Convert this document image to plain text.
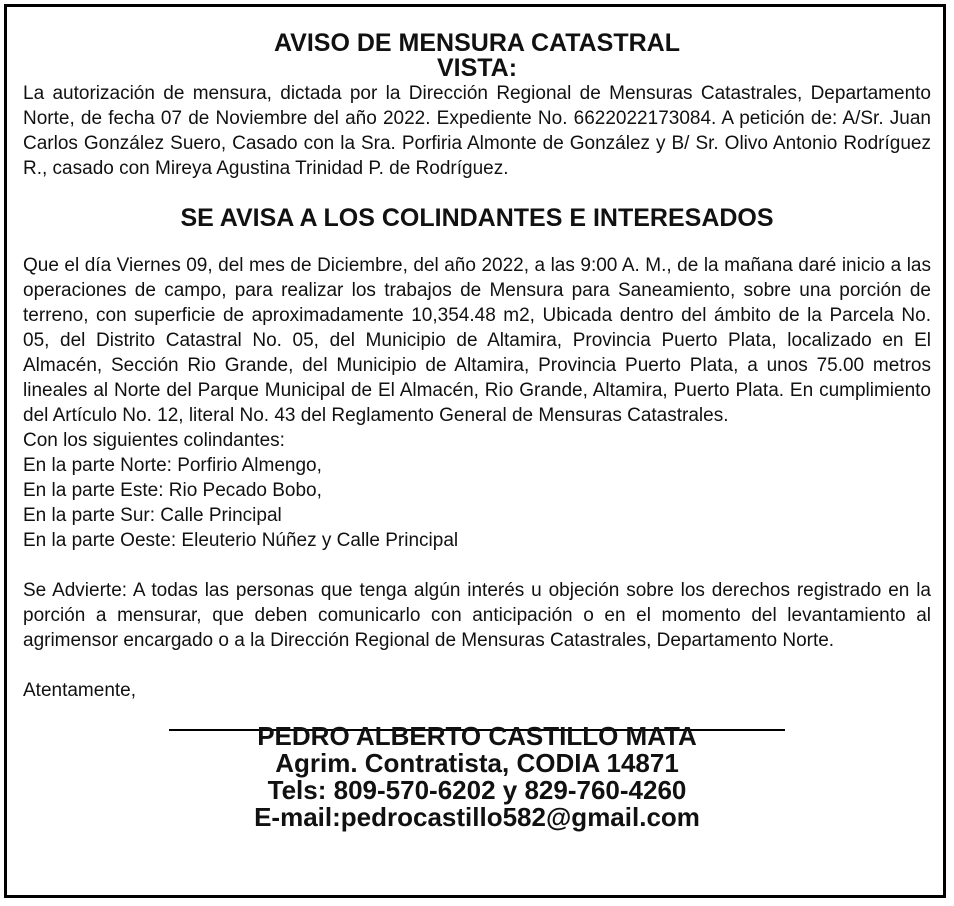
AVISO DE MENSURA CATASTRAL
VISTA:

La autorización de mensura, dictada por la Dirección Regional de Mensuras Catastrales, Departamento Norte, de fecha 07 de Noviembre del año 2022. Expediente No. 6622022173084. A petición de: A/Sr. Juan Carlos González Suero, Casado con la Sra. Porfiria Almonte de González y B/ Sr. Olivo Antonio Rodríguez R., casado con Mireya Agustina Trinidad P. de Rodríguez.

SE AVISA A LOS COLINDANTES E INTERESADOS

Que el día Viernes 09, del mes de Diciembre, del año 2022, a las 9:00 A. M., de la mañana daré inicio a las operaciones de campo, para realizar los trabajos de Mensura para Saneamiento, sobre una porción de terreno, con superficie de aproximadamente 10,354.48 m2, Ubicada dentro del ámbito de la Parcela No. 05, del Distrito Catastral No. 05, del Municipio de Altamira, Provincia Puerto Plata, localizado en El Almacén, Sección Rio Grande, del Municipio de Altamira, Provincia Puerto Plata, a unos 75.00 metros lineales al Norte del Parque Municipal de El Almacén, Rio Grande, Altamira, Puerto Plata. En cumplimiento del Artículo No. 12, literal No. 43 del Reglamento General de Mensuras Catastrales.

Con los siguientes colindantes:

En la parte Norte: Porfirio Almengo,

En la parte Este: Rio Pecado Bobo,

En la parte Sur: Calle Principal

En la parte Oeste: Eleuterio Núñez y Calle Principal

Se Advierte: A todas las personas que tenga algún interés u objeción sobre los derechos registrado en la porción a mensurar, que deben comunicarlo con anticipación o en el momento del levantamiento al agrimensor encargado o a la Dirección Regional de Mensuras Catastrales, Departamento Norte.

Atentamente,

PEDRO ALBERTO CASTILLO MATA

Agrim. Contratista, CODIA 14871

Tels: 809-570-6202 y 829-760-4260

E-mail:pedrocastillo582@gmail.com
